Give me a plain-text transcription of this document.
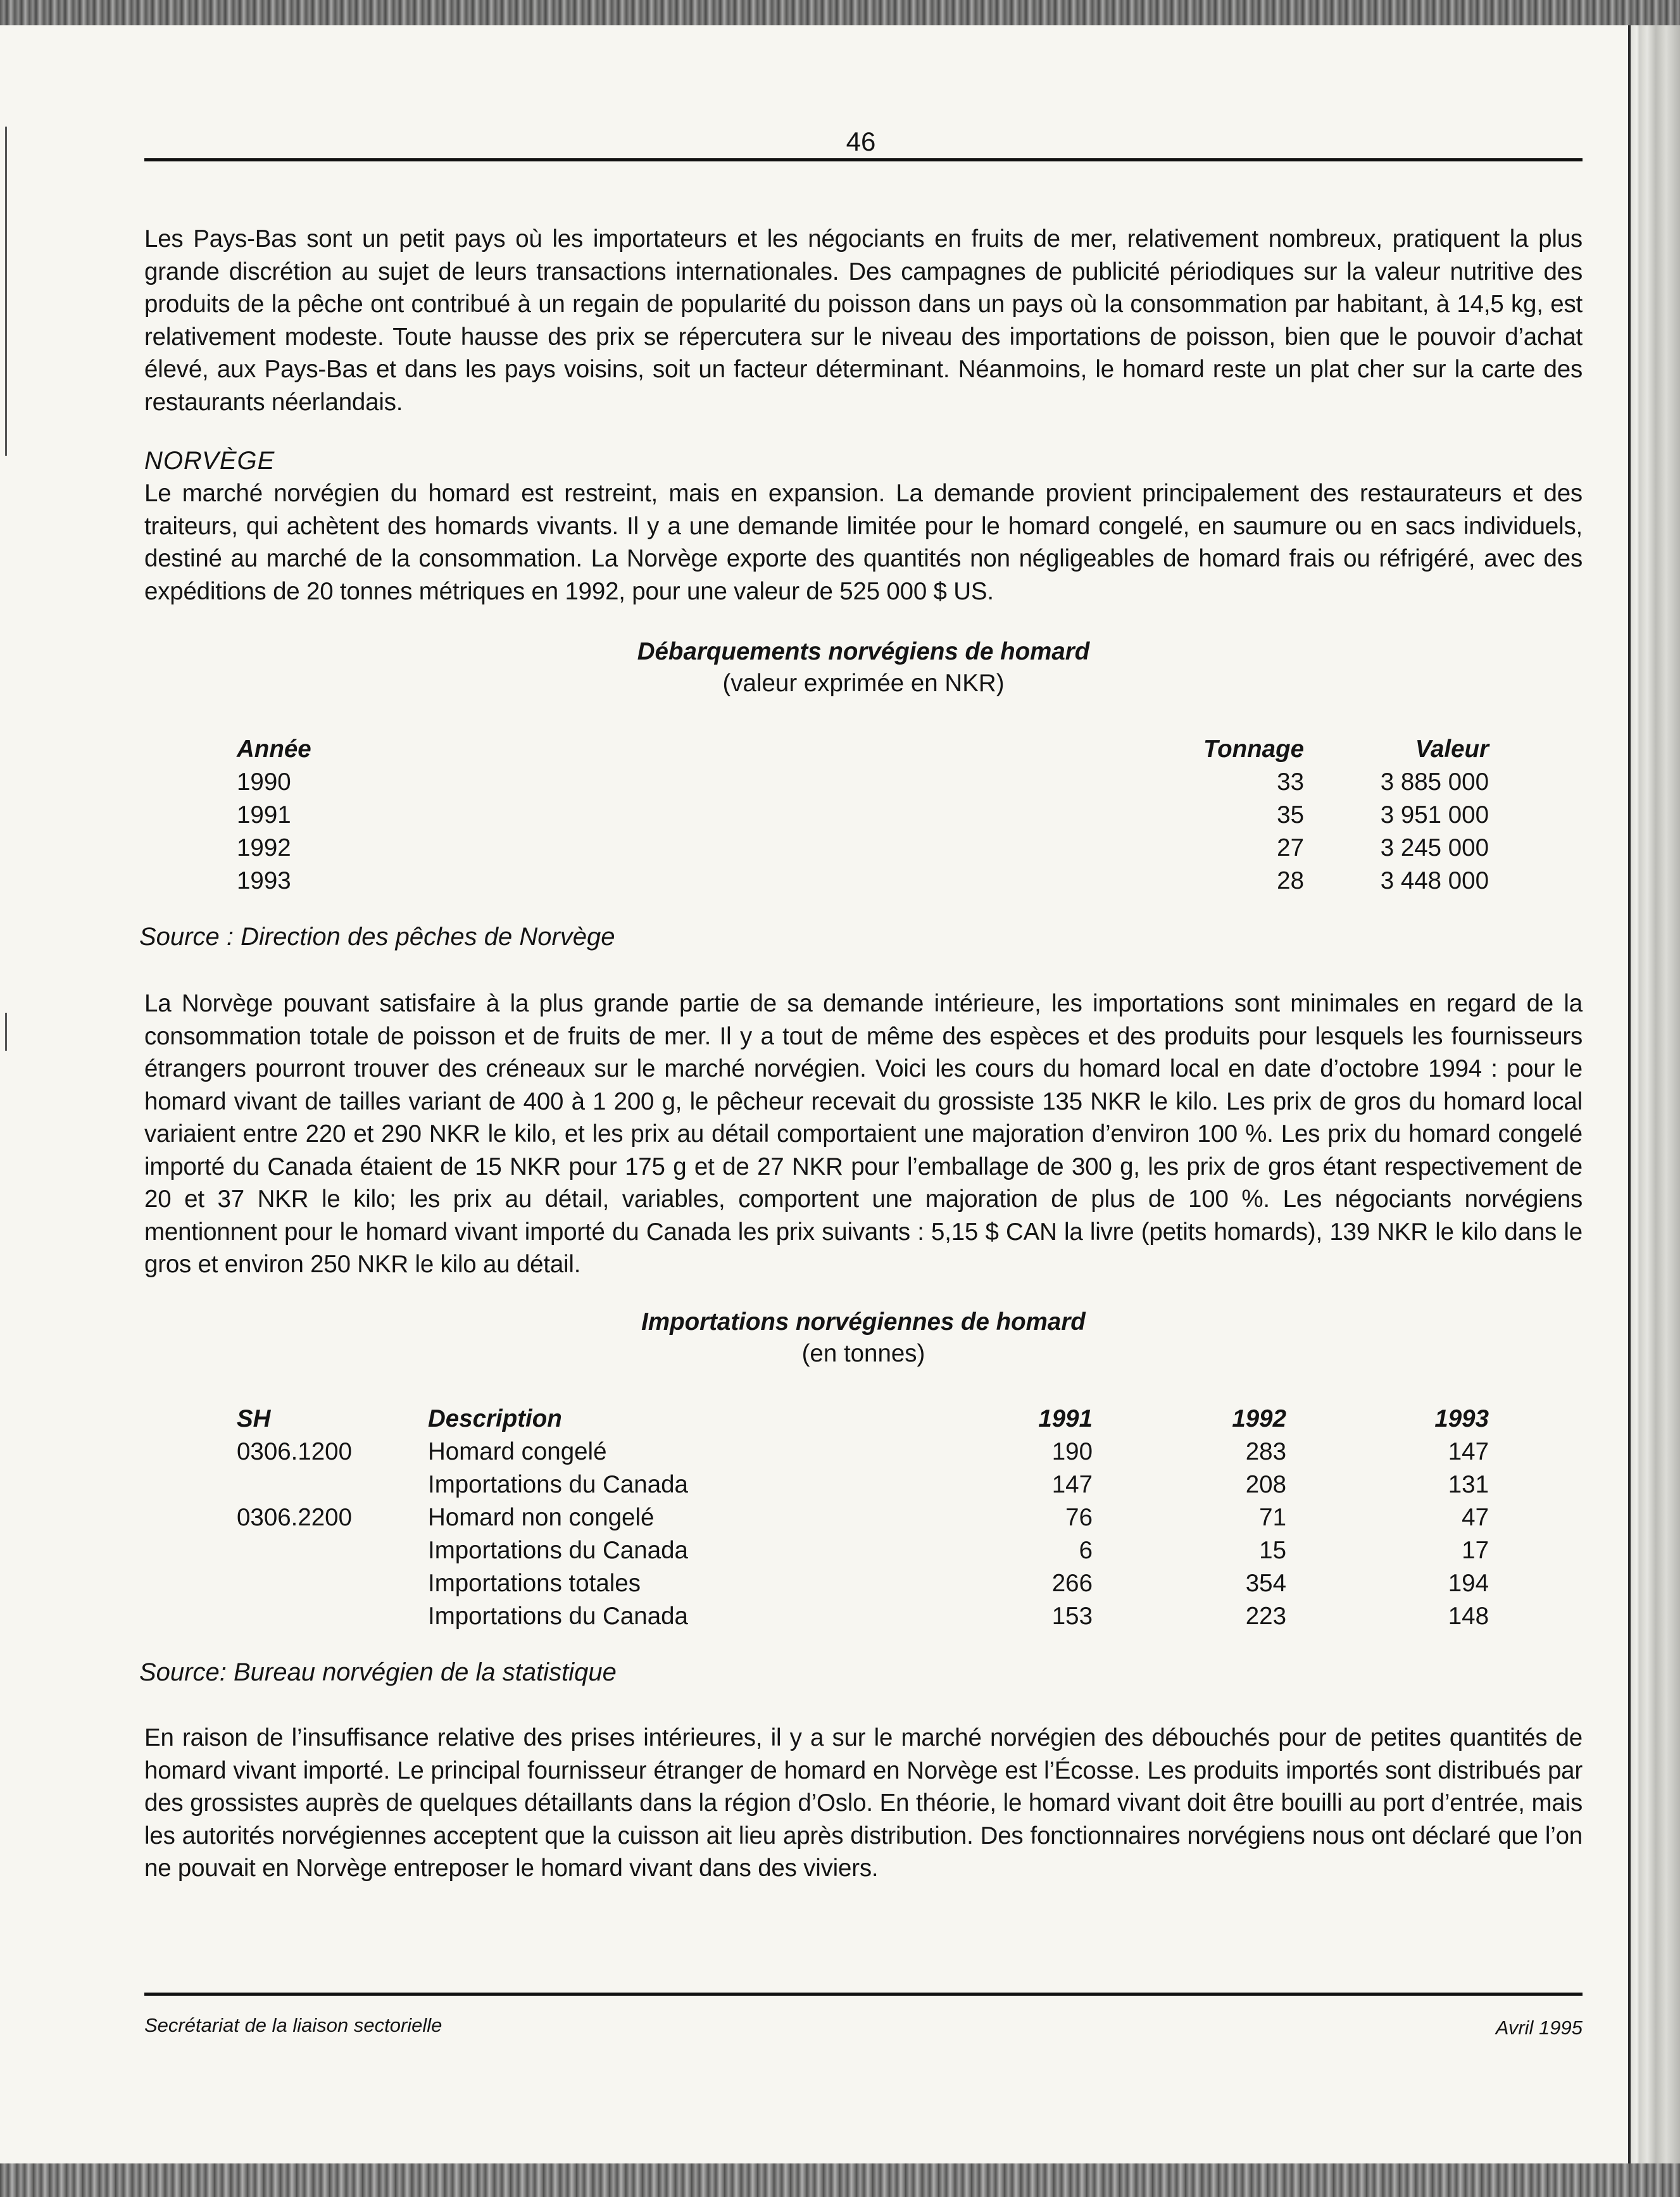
46

Les Pays-Bas sont un petit pays où les importateurs et les négociants en fruits de mer, relativement nombreux, pratiquent la plus grande discrétion au sujet de leurs transactions internationales. Des campagnes de publicité périodiques sur la valeur nutritive des produits de la pêche ont contribué à un regain de popularité du poisson dans un pays où la consommation par habitant, à 14,5 kg, est relativement modeste. Toute hausse des prix se répercutera sur le niveau des importations de poisson, bien que le pouvoir d’achat élevé, aux Pays-Bas et dans les pays voisins, soit un facteur déterminant. Néanmoins, le homard reste un plat cher sur la carte des restaurants néerlandais.

NORVÈGE

Le marché norvégien du homard est restreint, mais en expansion. La demande provient principalement des restaurateurs et des traiteurs, qui achètent des homards vivants. Il y a une demande limitée pour le homard congelé, en saumure ou en sacs individuels, destiné au marché de la consommation. La Norvège exporte des quantités non négligeables de homard frais ou réfrigéré, avec des expéditions de 20 tonnes métriques en 1992, pour une valeur de 525 000 $ US.

Débarquements norvégiens de homard
(valeur exprimée en NKR)
Année	Tonnage	Valeur
1990	33	3 885 000
1991	35	3 951 000
1992	27	3 245 000
1993	28	3 448 000
Source : Direction des pêches de Norvège

La Norvège pouvant satisfaire à la plus grande partie de sa demande intérieure, les importations sont minimales en regard de la consommation totale de poisson et de fruits de mer. Il y a tout de même des espèces et des produits pour lesquels les fournisseurs étrangers pourront trouver des créneaux sur le marché norvégien. Voici les cours du homard local en date d’octobre 1994 : pour le homard vivant de tailles variant de 400 à 1 200 g, le pêcheur recevait du grossiste 135 NKR le kilo. Les prix de gros du homard local variaient entre 220 et 290 NKR le kilo, et les prix au détail comportaient une majoration d’environ 100 %. Les prix du homard congelé importé du Canada étaient de 15 NKR pour 175 g et de 27 NKR pour l’emballage de 300 g, les prix de gros étant respectivement de 20 et 37 NKR le kilo; les prix au détail, variables, comportent une majoration de plus de 100 %. Les négociants norvégiens mentionnent pour le homard vivant importé du Canada les prix suivants : 5,15 $ CAN la livre (petits homards), 139 NKR le kilo dans le gros et environ 250 NKR le kilo au détail.

Importations norvégiennes de homard
(en tonnes)
SH	Description	1991	1992	1993
0306.1200	Homard congelé	190	283	147
	Importations du Canada	147	208	131
0306.2200	Homard non congelé	76	71	47
	Importations du Canada	6	15	17
	Importations totales	266	354	194
	Importations du Canada	153	223	148
Source: Bureau norvégien de la statistique

En raison de l’insuffisance relative des prises intérieures, il y a sur le marché norvégien des débouchés pour de petites quantités de homard vivant importé. Le principal fournisseur étranger de homard en Norvège est l’Écosse. Les produits importés sont distribués par des grossistes auprès de quelques détaillants dans la région d’Oslo. En théorie, le homard vivant doit être bouilli au port d’entrée, mais les autorités norvégiennes acceptent que la cuisson ait lieu après distribution. Des fonctionnaires norvégiens nous ont déclaré que l’on ne pouvait en Norvège entreposer le homard vivant dans des viviers.

Secrétariat de la liaison sectorielle	Avril 1995
